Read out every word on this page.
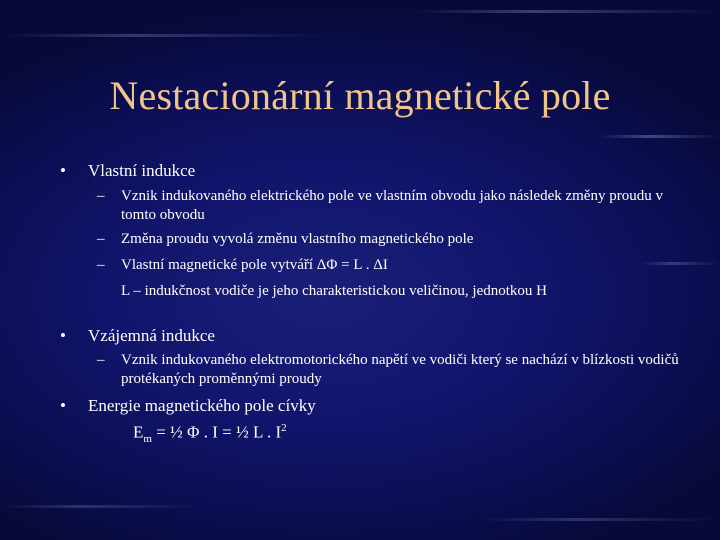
Nestacionární magnetické pole
• Vlastní indukce
–	Vznik indukovaného elektrického pole ve vlastním obvodu jako následek změny proudu v tomto obvodu
–	Změna proudu vyvolá změnu vlastního magnetického pole
–	Vlastní magnetické pole vytváří ΔΦ = L . ΔI
L – indukčnost vodiče je jeho charakteristickou veličinou, jednotkou H
• Vzájemná indukce
–	Vznik indukovaného elektromotorického napětí ve vodiči který se nachází v blízkosti vodičů protékaných proměnnými proudy
• Energie magnetického pole cívky
$E_m$ = ½ Φ . I = ½ L . $I^2$
